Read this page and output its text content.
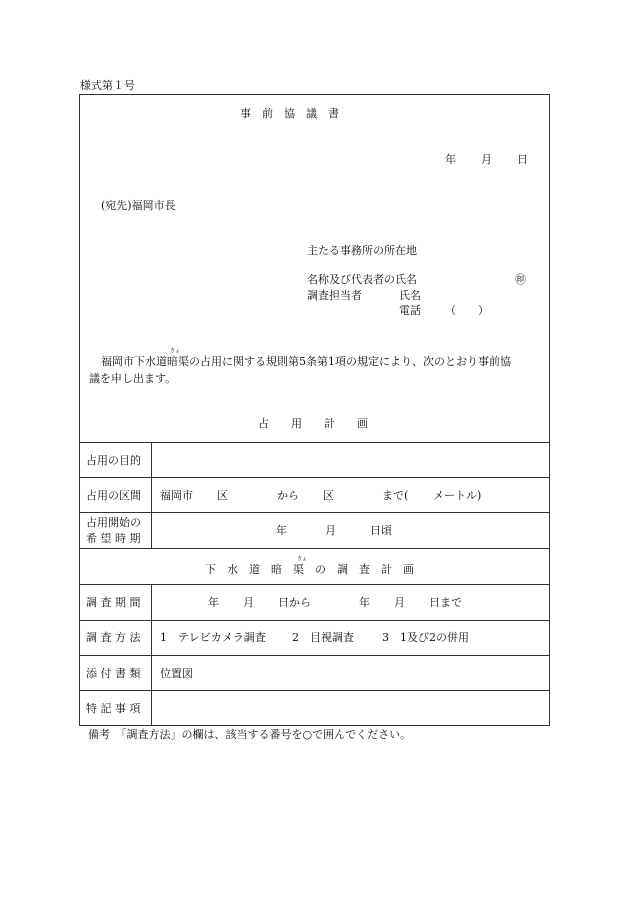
様式第１号
事　前　協　議　書
年 月 日
(宛先)福岡市長
主たる事務所の所在地
名称及び代表者の氏名	㊞
調査担当者	氏名
電話 （　　）
きょ
福岡市下水道暗渠の占用に関する規則第5条第1項の規定により、次のとおり事前協
議を申し出ます。
占　　用　　計　　画
占用の目的
占用の区間 福岡市 区	から 区	まで( メートル)
占用開始の
希 望 時 期
年	月	日頃
きょ
下　水　道　暗　渠　の　調　査　計　画
調 査 期 間	年 月 日から	年 月 日まで
調 査 方 法 1　テレビカメラ調査 2　目視調査	3　1及び2の併用
添 付 書 類 位置図
特 記 事 項
備考　「調査方法」の欄は、該当する番号を○で囲んでください。
